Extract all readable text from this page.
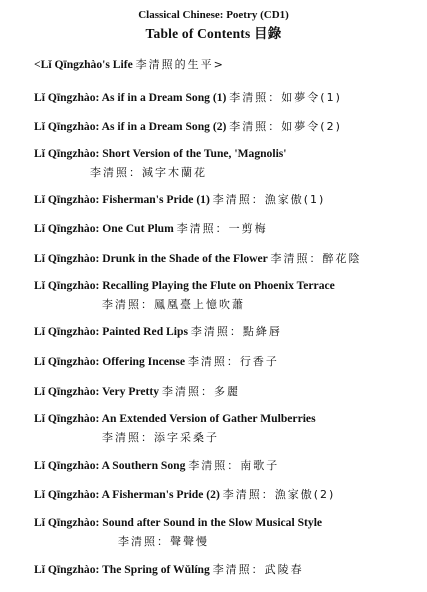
Classical Chinese: Poetry (CD1)
Table of Contents 目錄
<Lǐ Qīngzhào's Life 李清照的生平>
Lǐ Qīngzhào: As if in a Dream Song (1) 李清照：如夢令(1)
Lǐ Qīngzhào: As if in a Dream Song (2) 李清照：如夢令(2)
Lǐ Qīngzhào: Short Version of the Tune, 'Magnolis'
李清照：減字木蘭花
Lǐ Qīngzhào: Fisherman's Pride (1) 李清照：漁家傲(1)
Lǐ Qīngzhào: One Cut Plum 李清照：一剪梅
Lǐ Qīngzhào: Drunk in the Shade of the Flower 李清照：醉花陰
Lǐ Qīngzhào: Recalling Playing the Flute on Phoenix Terrace
李清照：鳳凰臺上憶吹蕭
Lǐ Qīngzhào: Painted Red Lips 李清照：點絳唇
Lǐ Qīngzhào: Offering Incense 李清照：行香子
Lǐ Qīngzhào: Very Pretty 李清照：多麗
Lǐ Qīngzhào: An Extended Version of Gather Mulberries
李清照：添字采桑子
Lǐ Qīngzhào: A Southern Song 李清照：南歌子
Lǐ Qīngzhào: A Fisherman's Pride (2) 李清照：漁家傲(2)
Lǐ Qīngzhào: Sound after Sound in the Slow Musical Style
李清照：聲聲慢
Lǐ Qīngzhào: The Spring of Wǔlíng 李清照：武陵春
